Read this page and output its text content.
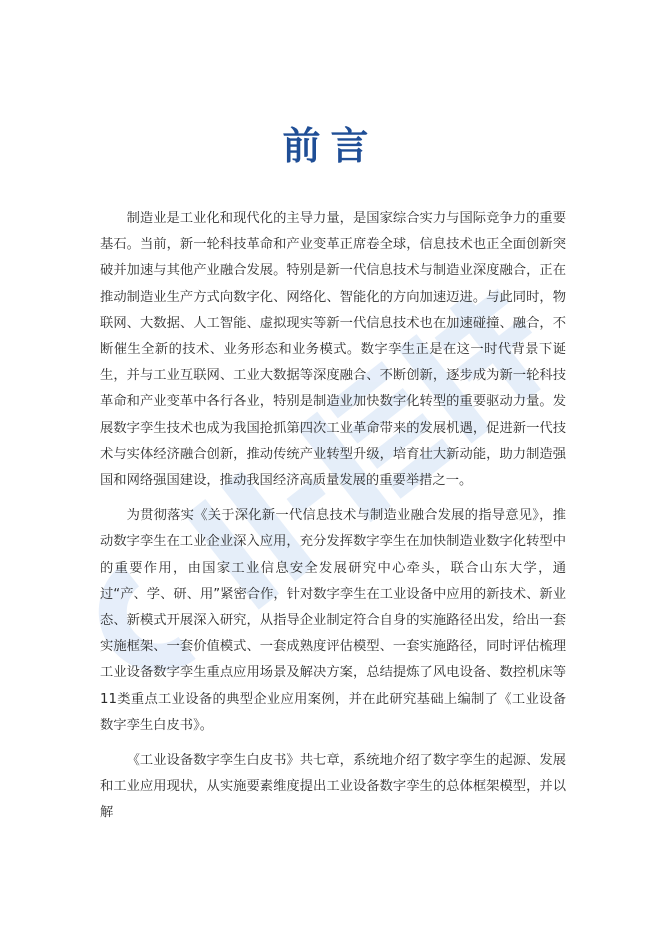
前言

制造业是工业化和现代化的主导力量，是国家综合实力与国际竞争力的重要基石。当前，新一轮科技革命和产业变革正席卷全球，信息技术也正全面创新突破并加速与其他产业融合发展。特别是新一代信息技术与制造业深度融合，正在推动制造业生产方式向数字化、网络化、智能化的方向加速迈进。与此同时，物联网、大数据、人工智能、虚拟现实等新一代信息技术也在加速碰撞、融合，不断催生全新的技术、业务形态和业务模式。数字孪生正是在这一时代背景下诞生，并与工业互联网、工业大数据等深度融合、不断创新，逐步成为新一轮科技革命和产业变革中各行各业，特别是制造业加快数字化转型的重要驱动力量。发展数字孪生技术也成为我国抢抓第四次工业革命带来的发展机遇，促进新一代技术与实体经济融合创新，推动传统产业转型升级，培育壮大新动能，助力制造强国和网络强国建设，推动我国经济高质量发展的重要举措之一。

为贯彻落实《关于深化新一代信息技术与制造业融合发展的指导意见》，推动数字孪生在工业企业深入应用，充分发挥数字孪生在加快制造业数字化转型中的重要作用，由国家工业信息安全发展研究中心牵头，联合山东大学，通过“产、学、研、用”紧密合作，针对数字孪生在工业设备中应用的新技术、新业态、新模式开展深入研究，从指导企业制定符合自身的实施路径出发，给出一套实施框架、一套价值模式、一套成熟度评估模型、一套实施路径，同时评估梳理工业设备数字孪生重点应用场景及解决方案，总结提炼了风电设备、数控机床等11类重点工业设备的典型企业应用案例，并在此研究基础上编制了《工业设备数字孪生白皮书》。

《工业设备数字孪生白皮书》共七章，系统地介绍了数字孪生的起源、发展和工业应用现状，从实施要素维度提出工业设备数字孪生的总体框架模型，并以解
